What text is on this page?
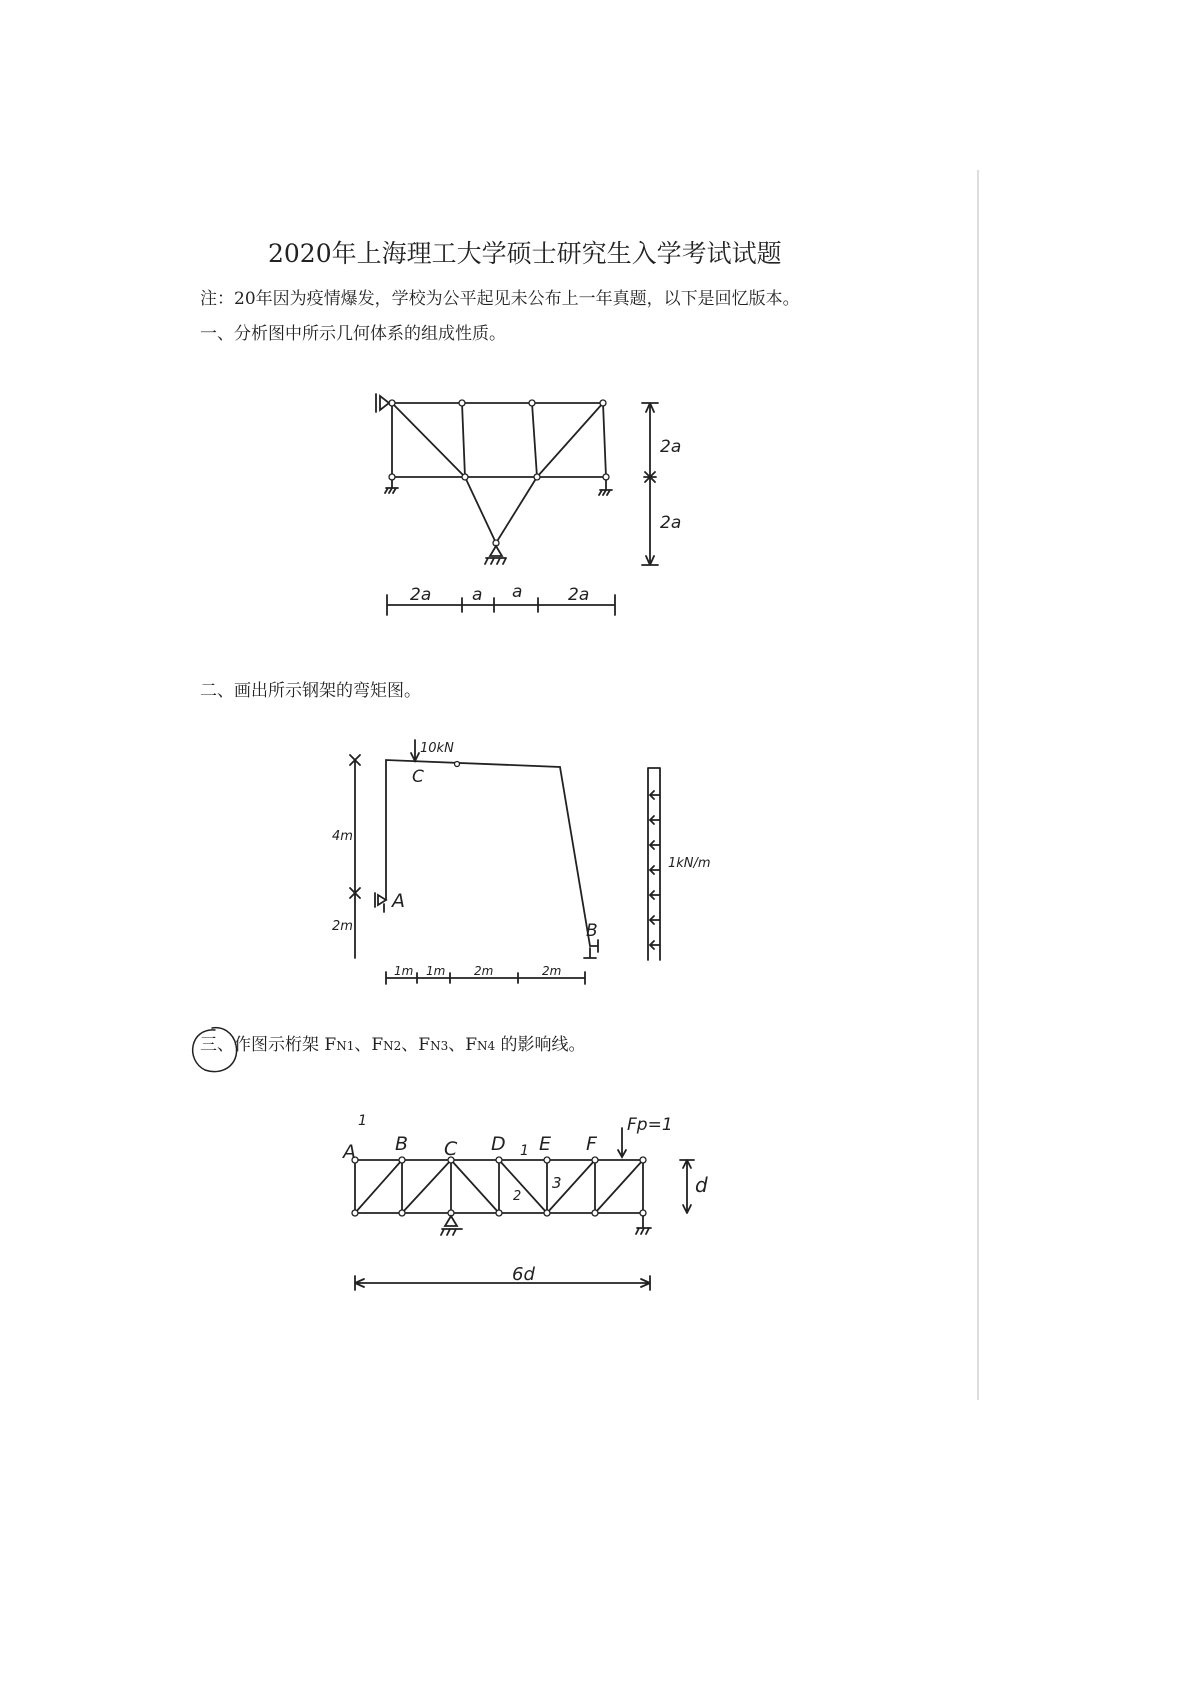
2020年上海理工大学硕士研究生入学考试试题
注：20年因为疫情爆发，学校为公平起见未公布上一年真题，以下是回忆版本。
一、分析图中所示几何体系的组成性质。
二、画出所示钢架的弯矩图。
三、作图示桁架 FN1、FN2、FN3、FN4 的影响线。
2a
2a
2a a a	2a
10kN
C
A
B
4m
2m
1m 1m 2m	2m
1kN/m
A B C D E F
1
1
2
3
Fp=1
d
6d
